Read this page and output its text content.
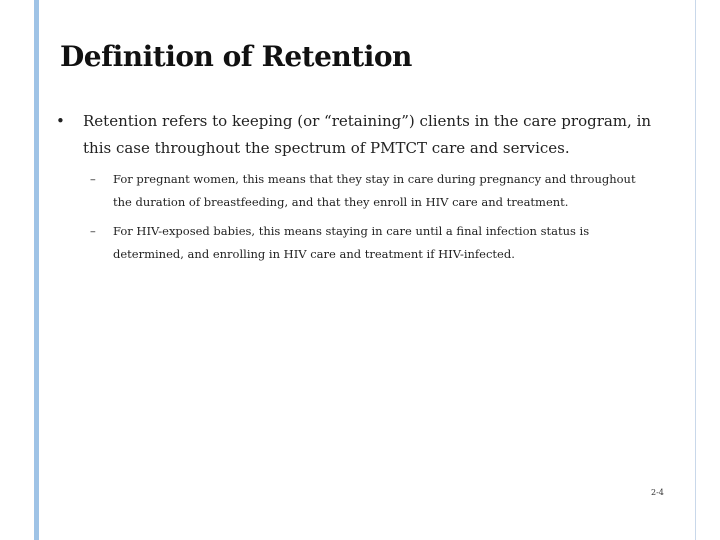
Definition of Retention
• Retention refers to keeping (or “retaining”) clients in the care program, in this case throughout the spectrum of PMTCT care and services.
– For pregnant women, this means that they stay in care during pregnancy and throughout the duration of breastfeeding, and that they enroll in HIV care and treatment.
– For HIV-exposed babies, this means staying in care until a final infection status is determined, and enrolling in HIV care and treatment if HIV-infected.
2-4
